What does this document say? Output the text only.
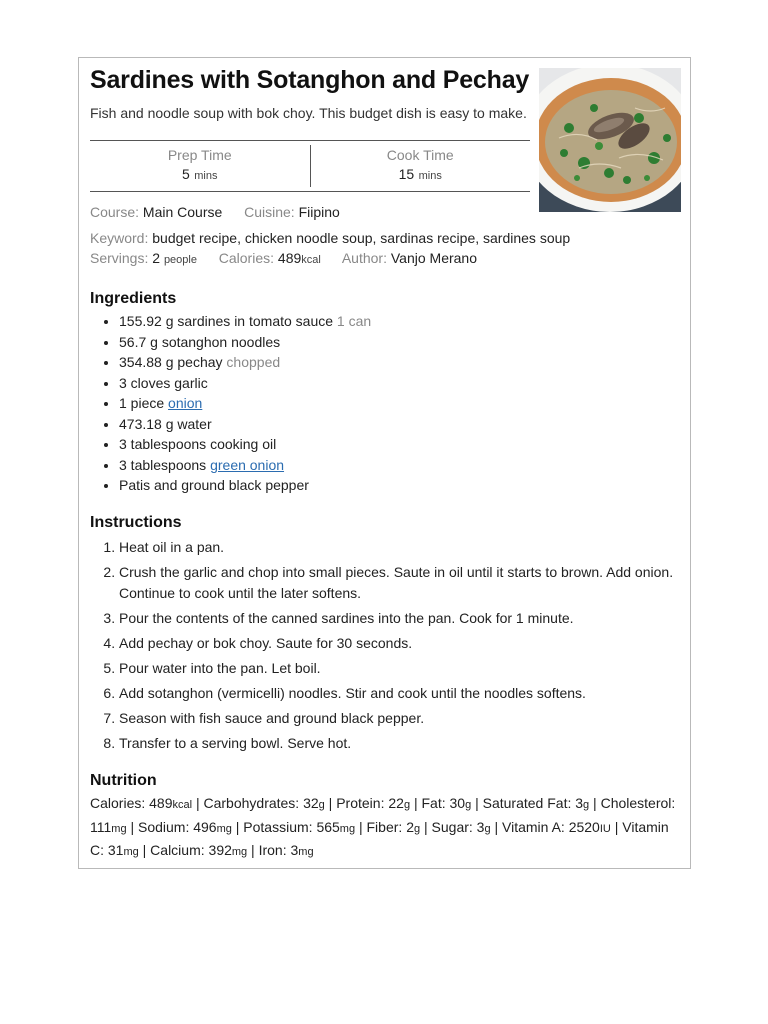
Sardines with Sotanghon and Pechay
Fish and noodle soup with bok choy. This budget dish is easy to make.
Prep Time
5 mins
Cook Time
15 mins
Course: Main Course Cuisine: Fiipino
Keyword: budget recipe, chicken noodle soup, sardinas recipe, sardines soup
Servings: 2 people Calories: 489kcal Author: Vanjo Merano
Ingredients
• 155.92 g sardines in tomato sauce 1 can
• 56.7 g sotanghon noodles
• 354.88 g pechay chopped
• 3 cloves garlic
• 1 piece onion
• 473.18 g water
• 3 tablespoons cooking oil
• 3 tablespoons green onion
• Patis and ground black pepper
Instructions
1. Heat oil in a pan.
2. Crush the garlic and chop into small pieces. Saute in oil until it starts to brown. Add onion. Continue to cook until the later softens.
3. Pour the contents of the canned sardines into the pan. Cook for 1 minute.
4. Add pechay or bok choy. Saute for 30 seconds.
5. Pour water into the pan. Let boil.
6. Add sotanghon (vermicelli) noodles. Stir and cook until the noodles softens.
7. Season with fish sauce and ground black pepper.
8. Transfer to a serving bowl. Serve hot.
Nutrition
Calories: 489kcal | Carbohydrates: 32g | Protein: 22g | Fat: 30g | Saturated Fat: 3g | Cholesterol: 111mg | Sodium: 496mg | Potassium: 565mg | Fiber: 2g | Sugar: 3g | Vitamin A: 2520IU | Vitamin C: 31mg | Calcium: 392mg | Iron: 3mg
